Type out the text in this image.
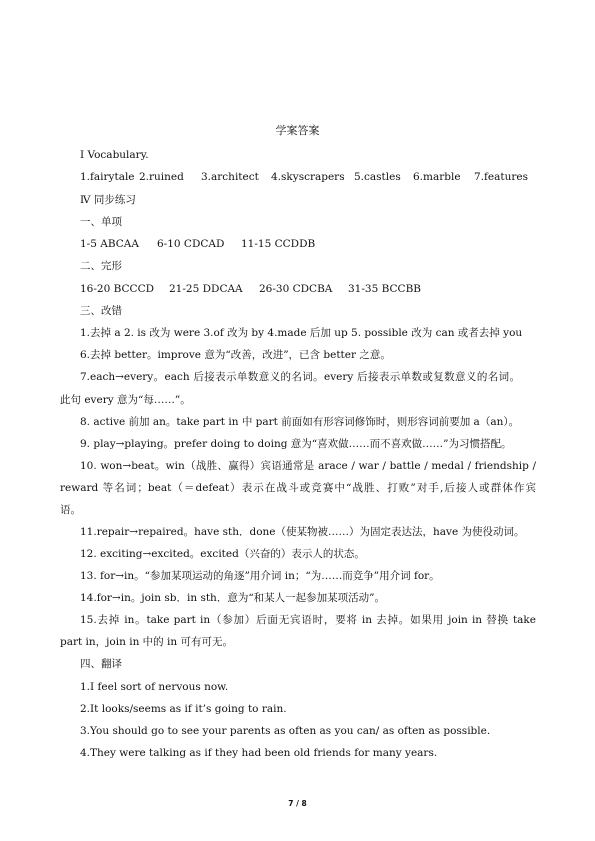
学案答案
Ⅰ Vocabulary.
1.fairytale 2.ruined 3.architect 4.skyscrapers 5.castles 6.marble 7.features
Ⅳ 同步练习
一、单项
1-5 ABCAA 6-10 CDCAD 11-15 CCDDB
二、完形
16-20 BCCCD 21-25 DDCAA 26-30 CDCBA 31-35 BCCBB
三、改错
1.去掉 a 2. is 改为 were 3.of 改为 by 4.made 后加 up 5. possible 改为 can 或者去掉 you
6.去掉 better。improve 意为“改善，改进”，已含 better 之意。
7.each→every。each 后接表示单数意义的名词。every 后接表示单数或复数意义的名词。
此句 every 意为“每……”。
8. active 前加 an。take part in 中 part 前面如有形容词修饰时，则形容词前要加 a（an）。
9. play→playing。prefer doing to doing 意为“喜欢做……而不喜欢做……”为习惯搭配。
10. won→beat。win（战胜、赢得）宾语通常是 arace / war / battle / medal / friendship /
reward 等名词；beat（＝defeat）表示在战斗或竞赛中“战胜、打败”对手,后接人或群体作宾
语。
11.repair→repaired。have sth．done（使某物被……）为固定表达法，have 为使役动词。
12. exciting→excited。excited（兴奋的）表示人的状态。
13. for→in。“参加某项运动的角逐”用介词 in；“为……而竞争”用介词 for。
14.for→in。join sb．in sth．意为“和某人一起参加某项活动”。
15.去掉 in。take part in（参加）后面无宾语时，要将 in 去掉。如果用 join in 替换 take
part in，join in 中的 in 可有可无。
四、翻译
1.I feel sort of nervous now.
2.It looks/seems as if it’s going to rain.
3.You should go to see your parents as often as you can/ as often as possible.
4.They were talking as if they had been old friends for many years.
7 / 8
